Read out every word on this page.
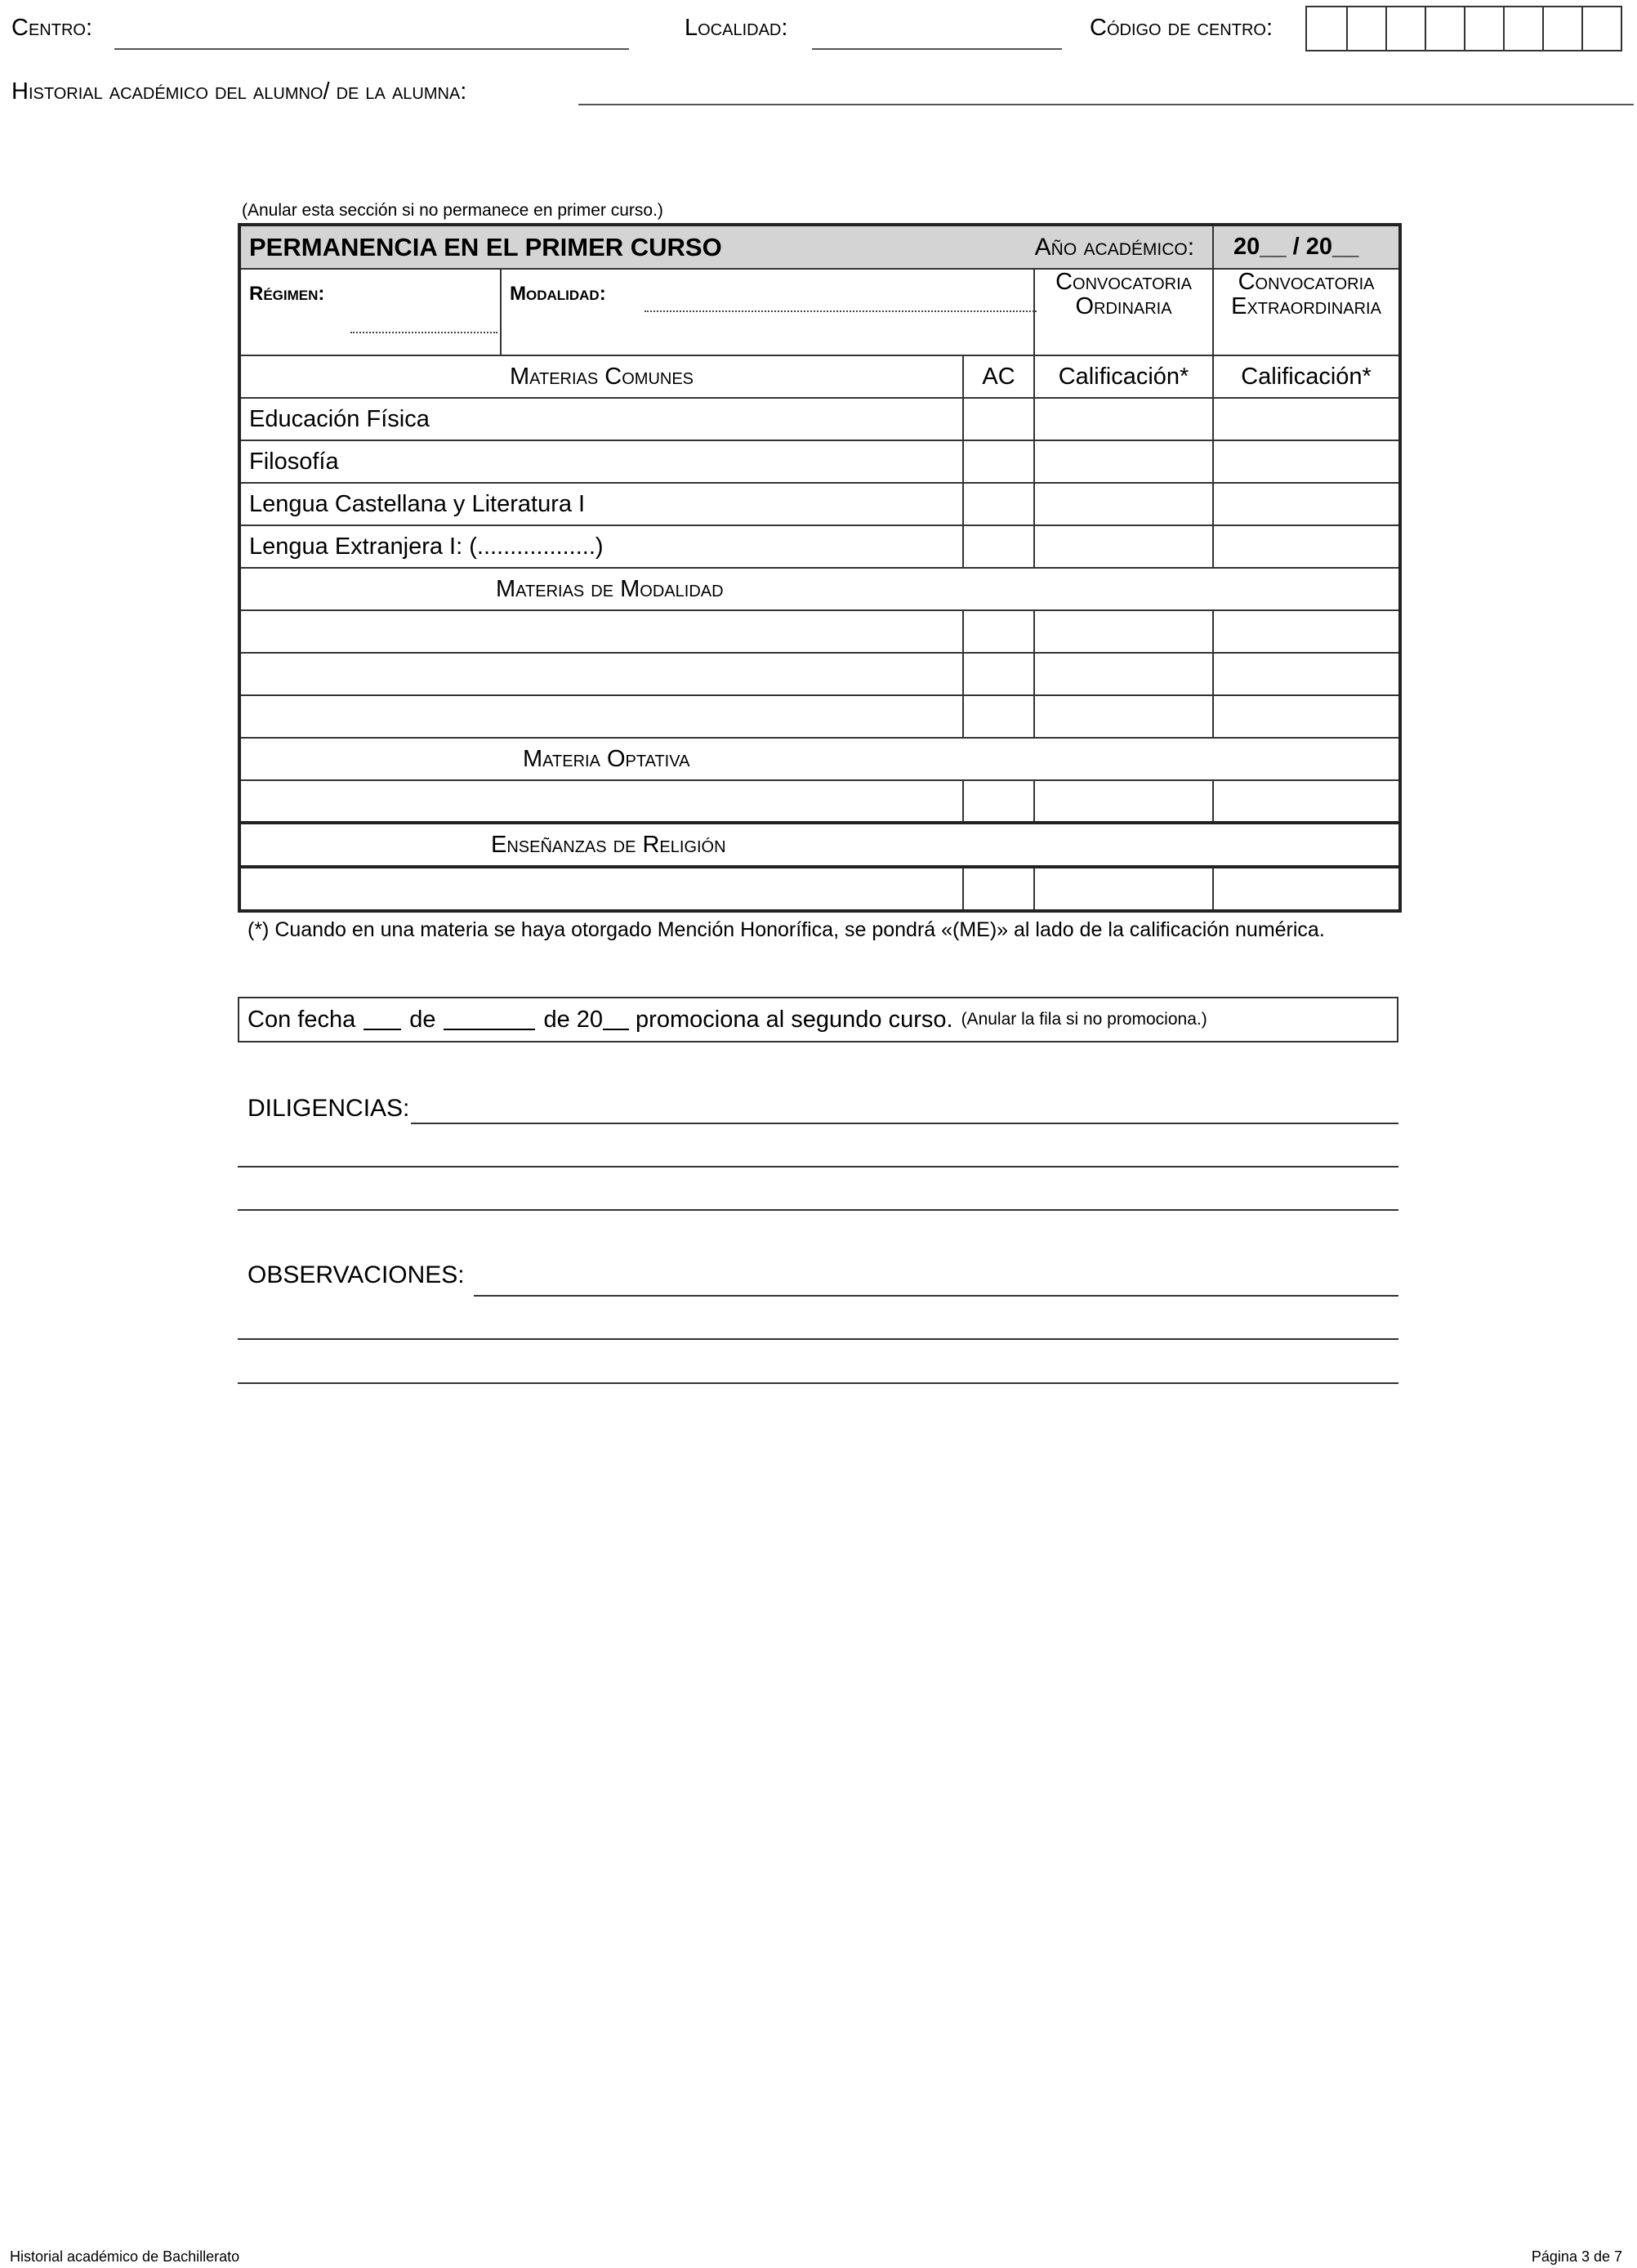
Centro:	Localidad:	Código de centro:
Historial académico del alumno/ de la alumna:
(Anular esta sección si no permanece en primer curso.)
PERMANENCIA EN EL PRIMER CURSO		Año académico:		20__ / 20__
Régimen:	Modalidad:		Convocatoria Ordinaria	Convocatoria Extraordinaria
Materias Comunes		AC	Calificación*	Calificación*
Educación Física				
Filosofía				
Lengua Castellana y Literatura I				
Lengua Extranjera I: (..................)				
Materias de Modalidad				

Materia Optativa				

Enseñanzas de Religión				

(*) Cuando en una materia se haya otorgado Mención Honorífica, se pondrá «(ME)» al lado de la calificación numérica.
Con fecha de	de 20 promociona al segundo curso. (Anular la fila si no promociona.)
DILIGENCIAS:
OBSERVACIONES:
Historial académico de Bachillerato	Página 3 de 7
